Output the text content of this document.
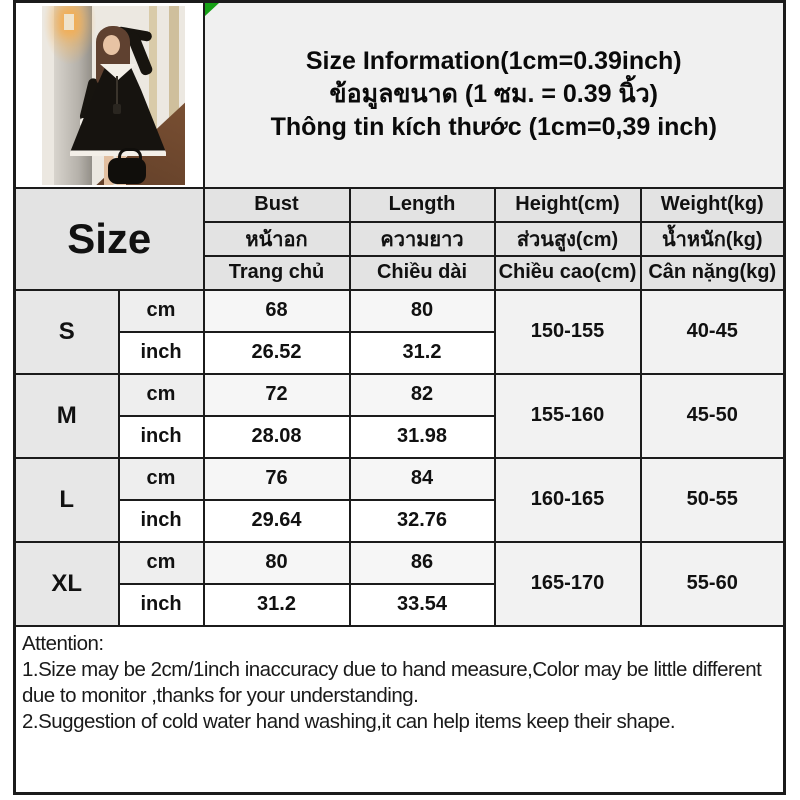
		Size Information(1cm=0.39inch)
ข้อมูลขนาด (1 ซม. = 0.39 นิ้ว)
Thông tin kích thước (1cm=0,39 inch)			

Size		Bust	Length	Height(cm)	Weight(kg)
		หน้าอก	ความยาว	ส่วนสูง(cm)	น้ำหนัก(kg)
		Trang chủ	Chiều dài	Chiều cao(cm)	Cân nặng(kg)
S	cm	68	80	150-155	40-45
	inch	26.52	31.2		
M	cm	72	82	155-160	45-50
	inch	28.08	31.98		
L	cm	76	84	160-165	50-55
	inch	29.64	32.76		
XL	cm	80	86	165-170	55-60
	inch	31.2	33.54		

Attention:
1.Size may be 2cm/1inch inaccuracy due to hand measure,Color may be little different due to monitor ,thanks for your understanding.
2.Suggestion of cold water hand washing,it can help items keep their shape.					
